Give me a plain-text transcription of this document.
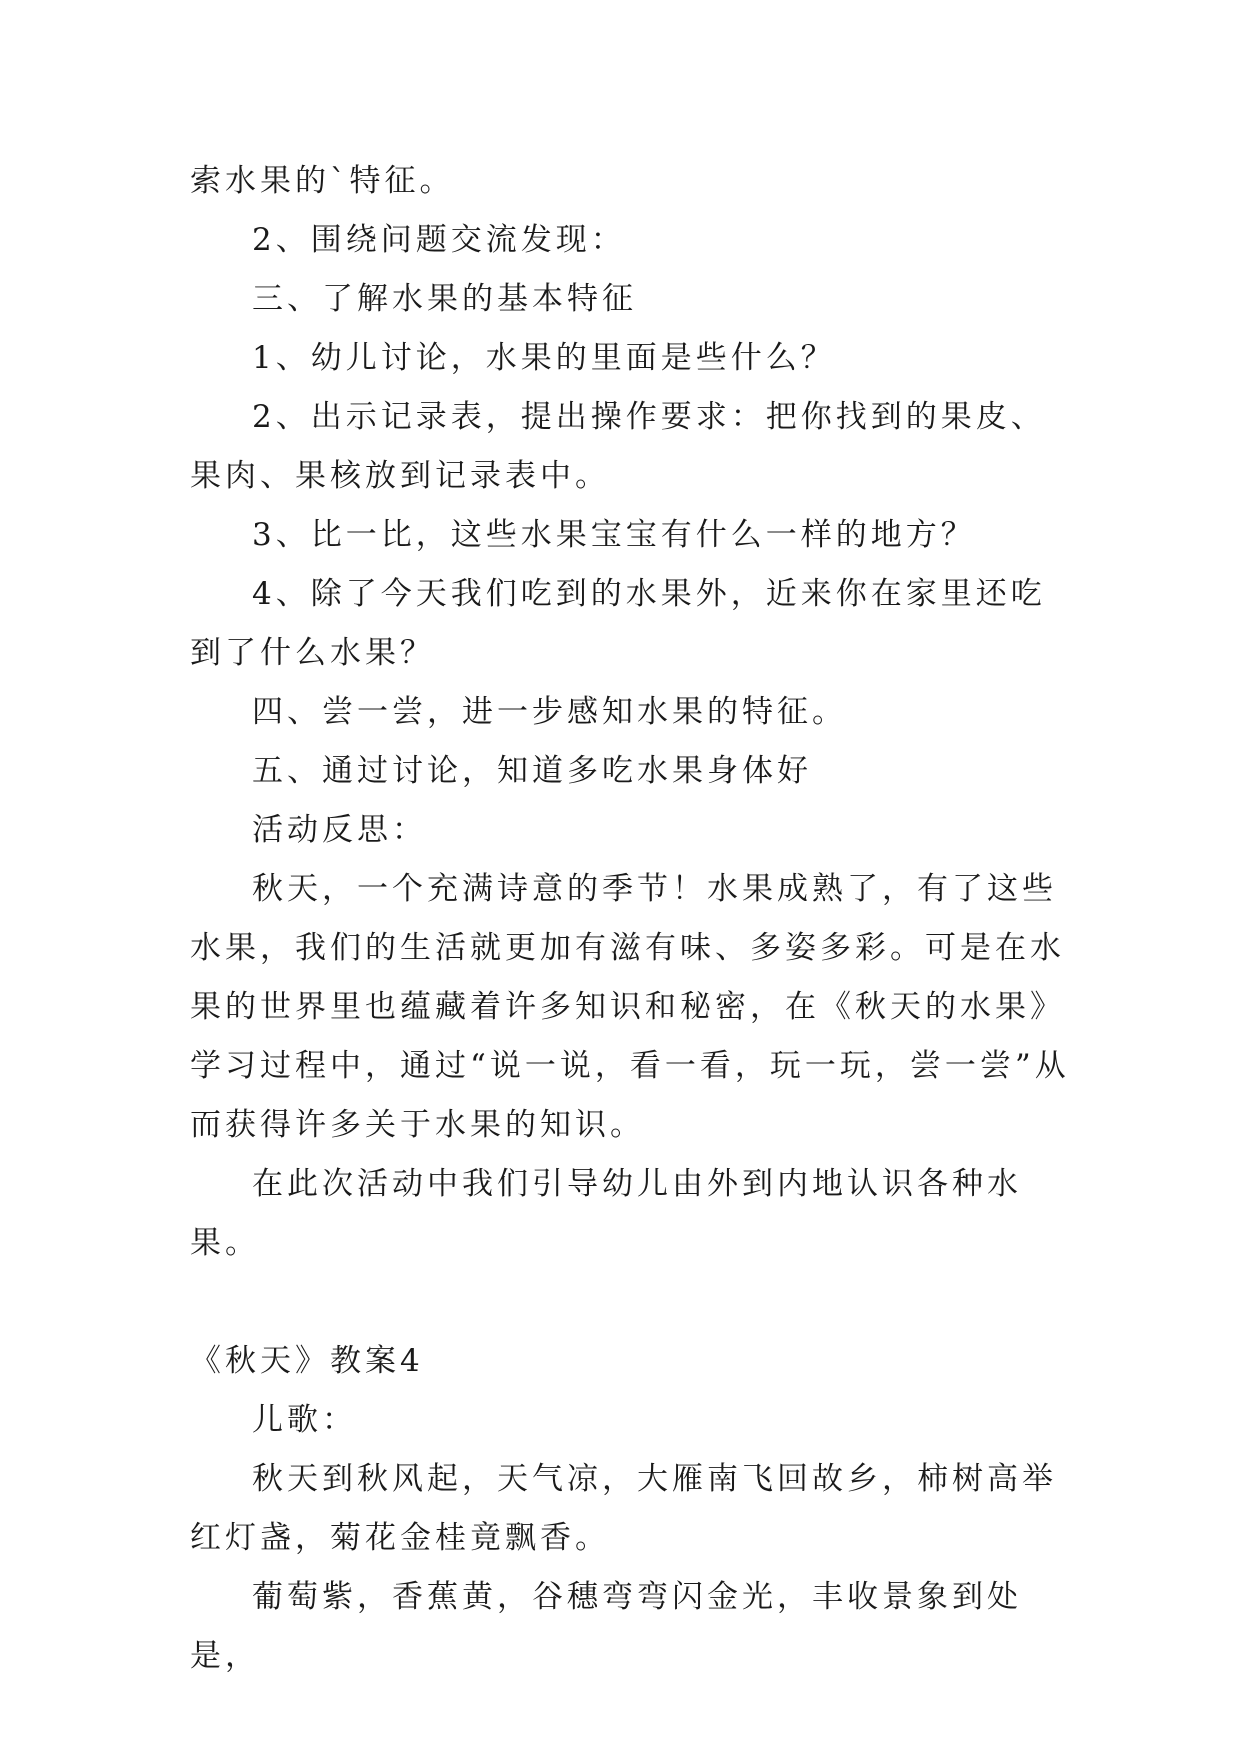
索水果的`特征。

2、围绕问题交流发现：

三、了解水果的基本特征

1、幼儿讨论，水果的里面是些什么？

2、出示记录表，提出操作要求：把你找到的果皮、果肉、果核放到记录表中。

3、比一比，这些水果宝宝有什么一样的地方？

4、除了今天我们吃到的水果外，近来你在家里还吃到了什么水果？

四、尝一尝，进一步感知水果的特征。

五、通过讨论，知道多吃水果身体好

活动反思：

秋天，一个充满诗意的季节！水果成熟了，有了这些水果，我们的生活就更加有滋有味、多姿多彩。可是在水果的世界里也蕴藏着许多知识和秘密，在《秋天的水果》学习过程中，通过“说一说，看一看，玩一玩，尝一尝”从而获得许多关于水果的知识。

在此次活动中我们引导幼儿由外到内地认识各种水果。

《秋天》教案4

儿歌：

秋天到秋风起，天气凉，大雁南飞回故乡，柿树高举红灯盏，菊花金桂竟飘香。

葡萄紫，香蕉黄，谷穗弯弯闪金光，丰收景象到处是，
